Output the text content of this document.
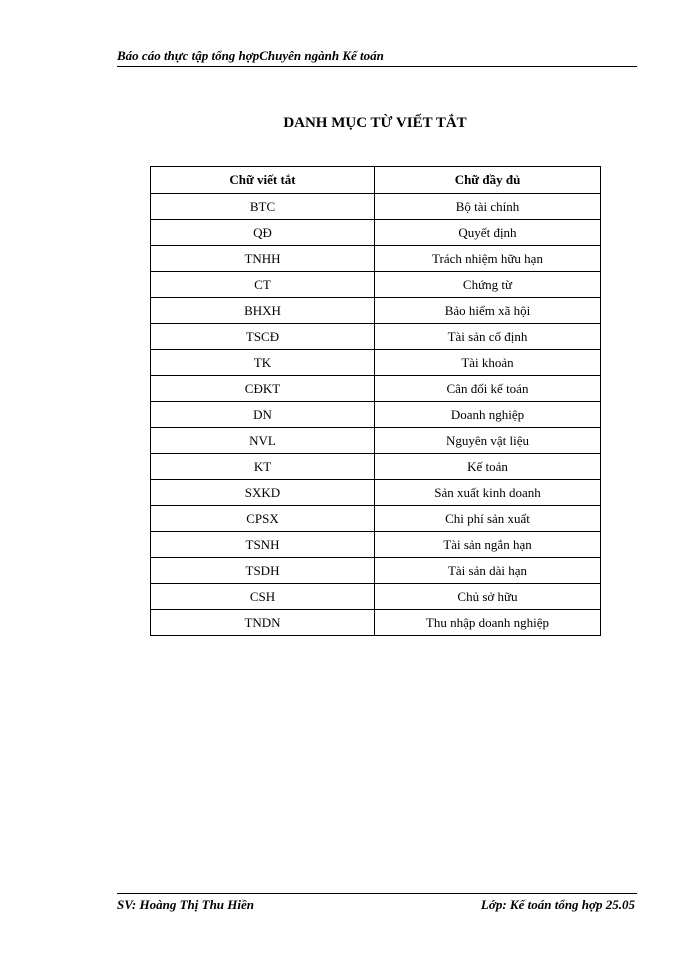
Báo cáo thực tập tổng hợpChuyên ngành Kế toán
DANH MỤC TỪ VIẾT TẮT
Chữ viết tắt	Chữ đầy đủ
BTC	Bộ tài chính
QĐ	Quyết định
TNHH	Trách nhiệm hữu hạn
CT	Chứng từ
BHXH	Bảo hiểm xã hội
TSCĐ	Tài sản cố định
TK	Tài khoản
CĐKT	Cân đối kế toán
DN	Doanh nghiệp
NVL	Nguyên vật liệu
KT	Kế toán
SXKD	Sản xuất kinh doanh
CPSX	Chi phí sản xuất
TSNH	Tài sản ngắn hạn
TSDH	Tài sản dài hạn
CSH	Chủ sở hữu
TNDN	Thu nhập doanh nghiệp
SV: Hoàng Thị Thu Hiền	Lớp: Kế toán tổng hợp 25.05
